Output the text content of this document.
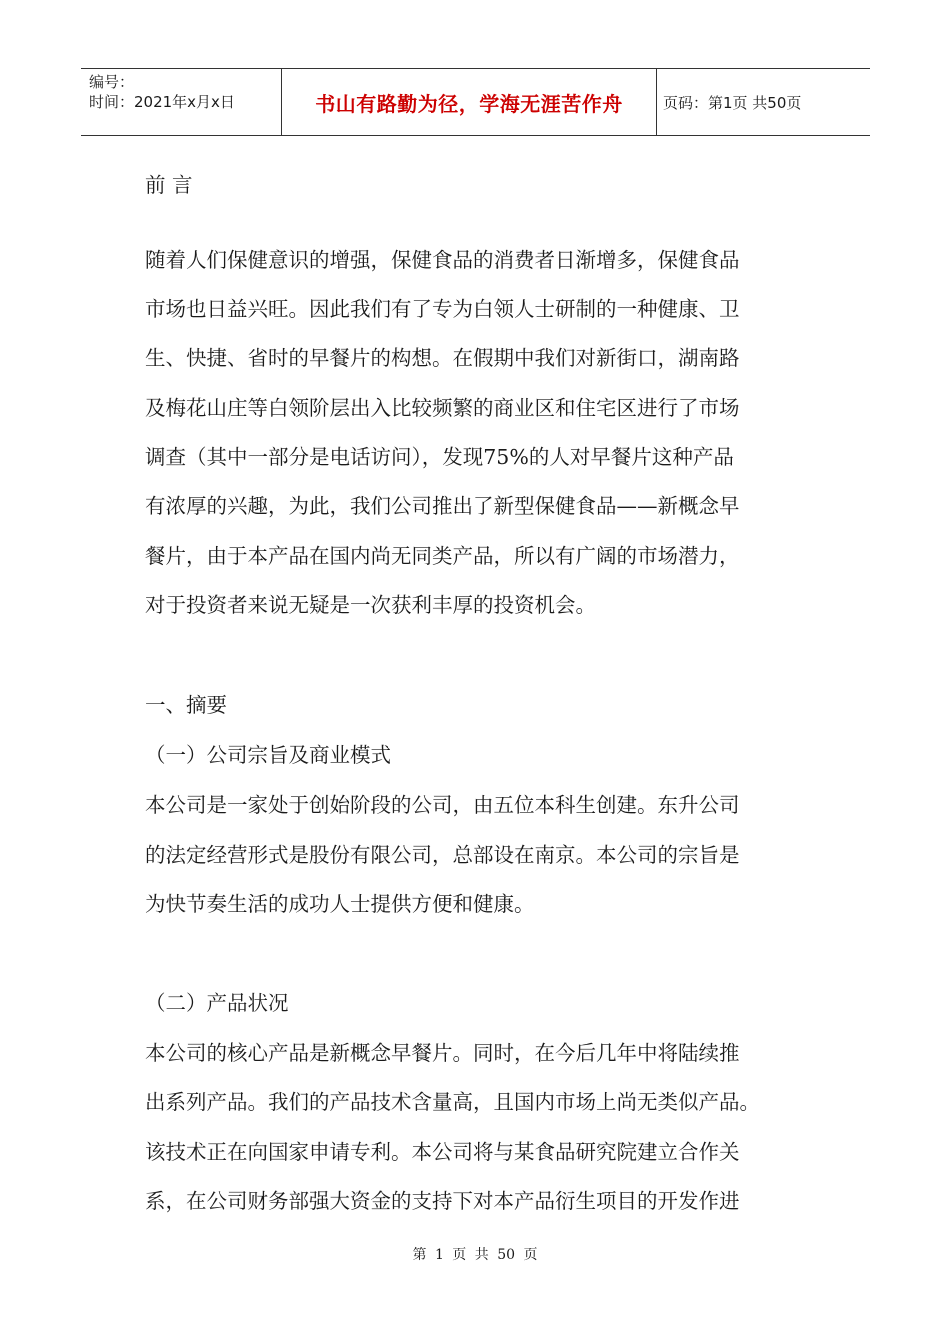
编号：
时间：2021年x月x日	书山有路勤为径，学海无涯苦作舟	页码：第1页 共50页
前 言
随着人们保健意识的增强，保健食品的消费者日渐增多，保健食品
市场也日益兴旺。因此我们有了专为白领人士研制的一种健康、卫
生、快捷、省时的早餐片的构想。在假期中我们对新街口，湖南路
及梅花山庄等白领阶层出入比较频繁的商业区和住宅区进行了市场
调查（其中一部分是电话访问），发现75%的人对早餐片这种产品
有浓厚的兴趣，为此，我们公司推出了新型保健食品——新概念早
餐片，由于本产品在国内尚无同类产品，所以有广阔的市场潜力，
对于投资者来说无疑是一次获利丰厚的投资机会。
一、摘要
（一）公司宗旨及商业模式
本公司是一家处于创始阶段的公司，由五位本科生创建。东升公司
的法定经营形式是股份有限公司，总部设在南京。本公司的宗旨是
为快节奏生活的成功人士提供方便和健康。
（二）产品状况
本公司的核心产品是新概念早餐片。同时，在今后几年中将陆续推
出系列产品。我们的产品技术含量高，且国内市场上尚无类似产品。
该技术正在向国家申请专利。本公司将与某食品研究院建立合作关
系，在公司财务部强大资金的支持下对本产品衍生项目的开发作进
第 1 页 共 50 页
